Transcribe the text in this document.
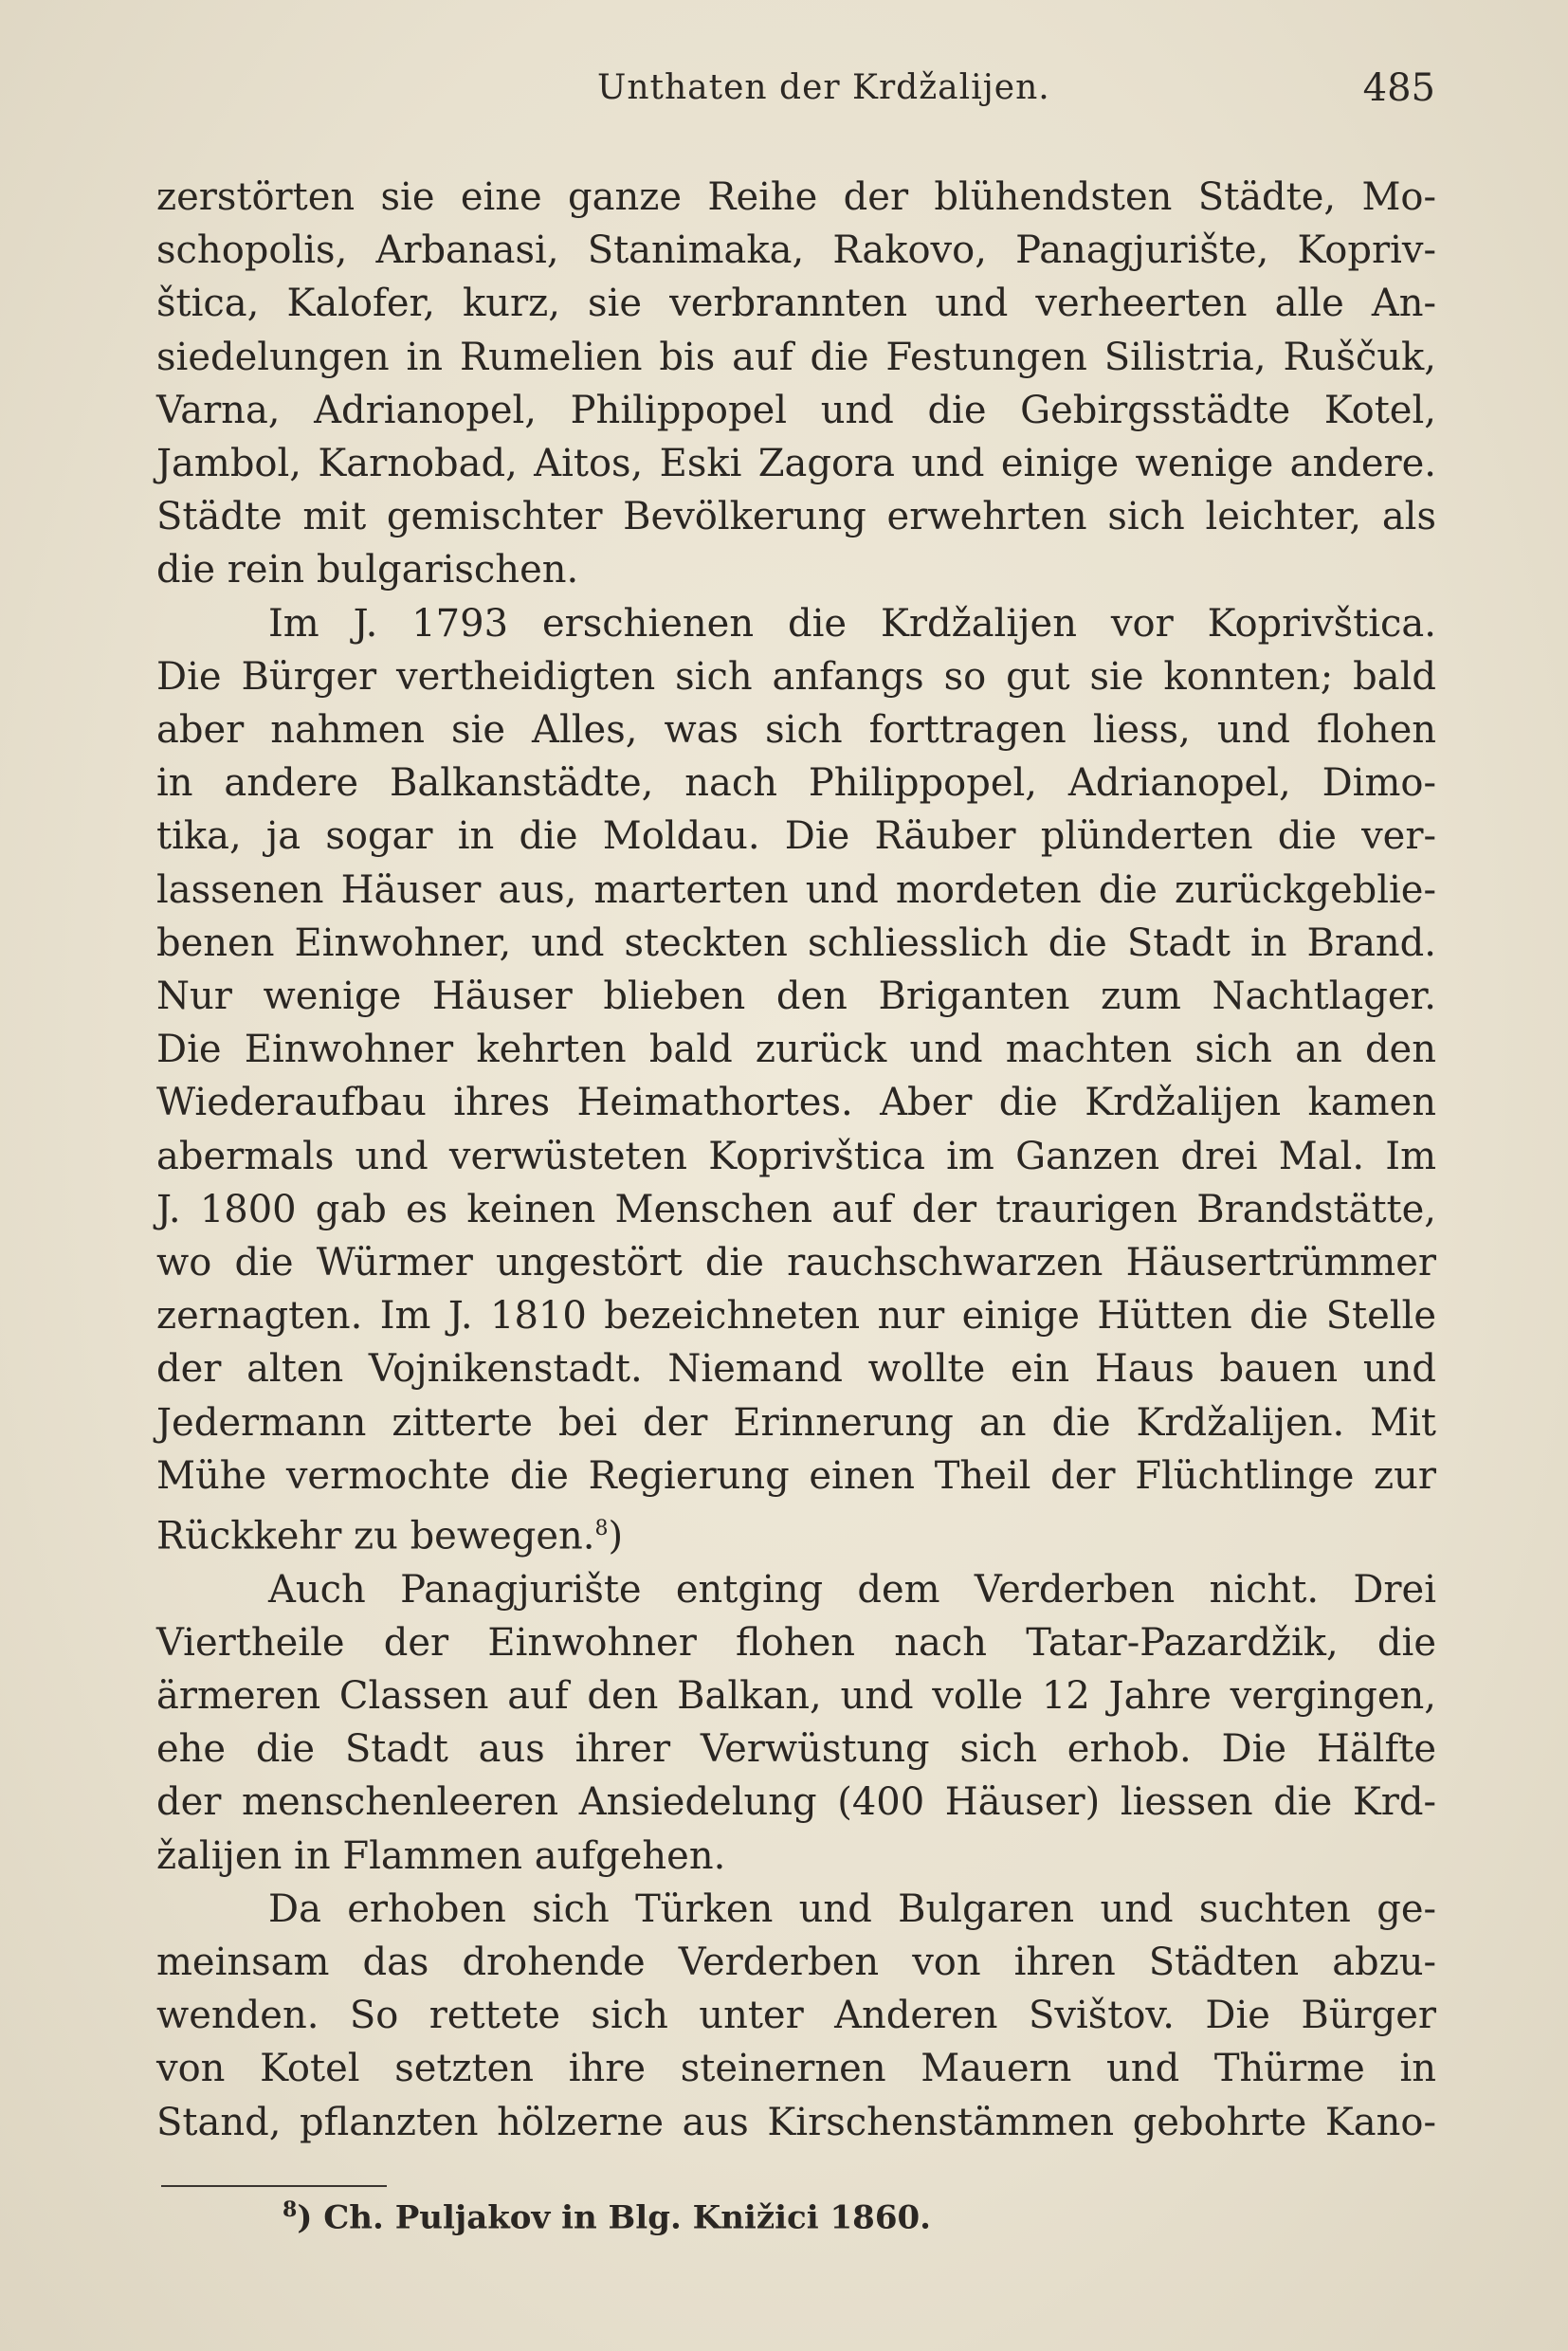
Unthaten der Krdžalijen.	485

zerstörten sie eine ganze Reihe der blühendsten Städte, Mo-
schopolis, Arbanasi, Stanimaka, Rakovo, Panagjurište, Kopriv-
štica, Kalofer, kurz, sie verbrannten und verheerten alle An-
siedelungen in Rumelien bis auf die Festungen Silistria, Ruščuk,
Varna, Adrianopel, Philippopel und die Gebirgsstädte Kotel,
Jambol, Karnobad, Aitos, Eski Zagora und einige wenige andere.
Städte mit gemischter Bevölkerung erwehrten sich leichter, als
die rein bulgarischen.

Im J. 1793 erschienen die Krdžalijen vor Koprivštica.
Die Bürger vertheidigten sich anfangs so gut sie konnten; bald
aber nahmen sie Alles, was sich forttragen liess, und flohen
in andere Balkanstädte, nach Philippopel, Adrianopel, Dimo-
tika, ja sogar in die Moldau. Die Räuber plünderten die ver-
lassenen Häuser aus, marterten und mordeten die zurückgeblie-
benen Einwohner, und steckten schliesslich die Stadt in Brand.
Nur wenige Häuser blieben den Briganten zum Nachtlager.
Die Einwohner kehrten bald zurück und machten sich an den
Wiederaufbau ihres Heimathortes. Aber die Krdžalijen kamen
abermals und verwüsteten Koprivštica im Ganzen drei Mal. Im
J. 1800 gab es keinen Menschen auf der traurigen Brandstätte,
wo die Würmer ungestört die rauchschwarzen Häusertrümmer
zernagten. Im J. 1810 bezeichneten nur einige Hütten die Stelle
der alten Vojnikenstadt. Niemand wollte ein Haus bauen und
Jedermann zitterte bei der Erinnerung an die Krdžalijen. Mit
Mühe vermochte die Regierung einen Theil der Flüchtlinge zur
Rückkehr zu bewegen.$^8$)

Auch Panagjurište entging dem Verderben nicht. Drei
Viertheile der Einwohner flohen nach Tatar-Pazardžik, die
ärmeren Classen auf den Balkan, und volle 12 Jahre vergingen,
ehe die Stadt aus ihrer Verwüstung sich erhob. Die Hälfte
der menschenleeren Ansiedelung (400 Häuser) liessen die Krd-
žalijen in Flammen aufgehen.

Da erhoben sich Türken und Bulgaren und suchten ge-
meinsam das drohende Verderben von ihren Städten abzu-
wenden. So rettete sich unter Anderen Svištov. Die Bürger
von Kotel setzten ihre steinernen Mauern und Thürme in
Stand, pflanzten hölzerne aus Kirschenstämmen gebohrte Kano-

$^8$) Ch. Puljakov in Blg. Knižici 1860.
